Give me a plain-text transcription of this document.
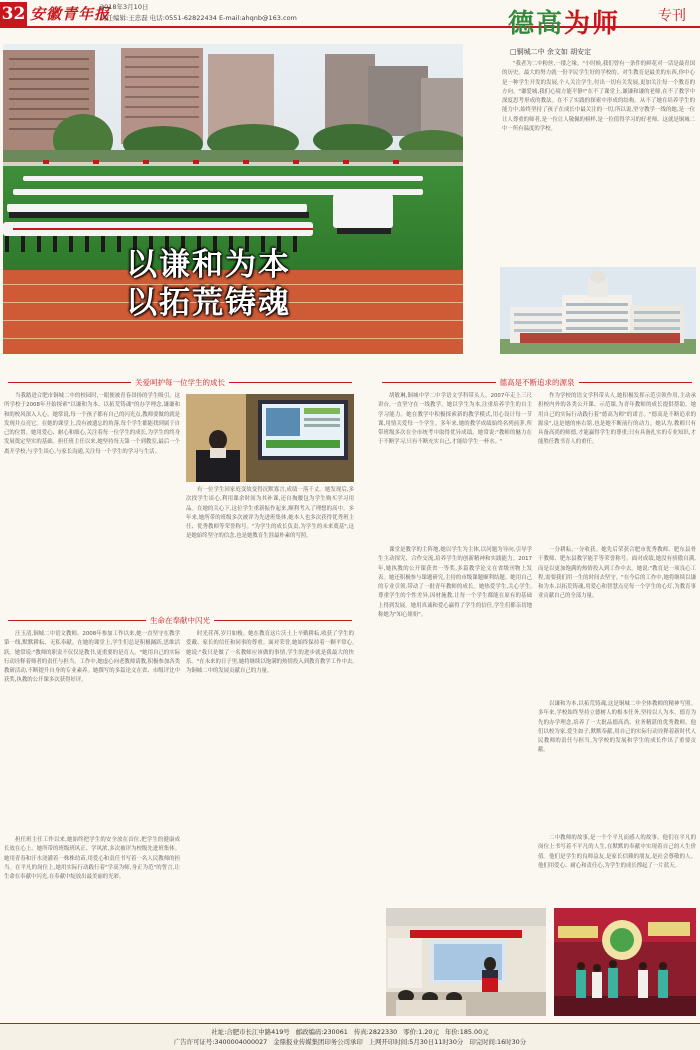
32 安徽青年报
2018年3月10日
责任编辑:王忠磊 电话:0551-62822434 E-mail:ahqnb@163.com	德高为师	专刊
□铜城二中 余文如 胡安定
以谦和为本
以拓荒铸魂
"我者为二中粉丝,一缕之缘。"小时候,我们曾有一条件的鲜花对一话是最青国的历史。最大的努力就一份平民学生好的学校的。对生教育是最美的东西,你中心是一种学生开发的发展,个人关注学生,付出一切有关发展,更加关注每一个教育的方向。"谦爱城,我们心境方能平静!"在不了课堂上,谦谦和谦的老师,在不了教学中深度思考形成的教法。在不了实践的探索中形成的结构。从不了她在培养学生的能力中,始终坚持了孩子在成长中最关注的一切,所以说,坚守教学一线的她,是一位让人尊重的师者,是一位让人敬佩的榜样,是一位值得学习的好老师。这就是铜城二中一所有温度的学校。
关爱呵护每一位学生的成长	德高是不断追求的源泉
当我踏进合肥市铜城二中的校园时,一眼便被青春昂扬的学生吸引。这所学校于2008年开始探索"以谦和为本、以拓荒铸魂"的办学理念,谦谦和和的校风深入人心。她常说,每一个孩子都有自己的闪光点,教师要做的就是发现并点亮它。在她的课堂上,没有被遗忘的角落,每个学生都能找到属于自己的位置。她用爱心、耐心和细心,关注着每一位学生的成长,为学生的终身发展奠定坚实的基础。担任班主任以来,她坚持每天第一个到教室,最后一个离开学校,与学生谈心,与家长沟通,关注每一个学生的学习与生活。
有一位学生因家庭变故变得沉默寡言,成绩一落千丈。她发现后,多次找学生谈心,利用课余时间为其补课,还自掏腰包为学生购买学习用品。在她的关心下,这位学生重新振作起来,顺利考入了理想的高中。多年来,她所带的班级多次被评为先进班集体,她本人也多次获得优秀班主任、优秀教师等荣誉称号。"为学生的成长负责,为学生的未来奠基",这是她始终坚守的信念,也是她教育生涯最朴素的写照。
生命在奉献中闪光
汪玉清,铜城二中语文教师。2008年参加工作以来,她一直坚守在教学第一线,默默耕耘、无私奉献。在她的课堂上,学生们总是积极踊跃,思维活跃。她常说:"教师的职责不仅仅是教书,更重要的是育人。"她用自己的实际行动诠释着师者的责任与担当。工作中,她虚心向老教师请教,积极参加各类教研活动,不断提升自身的专业素养。她撰写的多篇论文在省、市级评比中获奖,执教的公开课多次获得好评。
担任班主任工作以来,她始终把学生的安全放在首位,把学生的健康成长放在心上。她所带的班级班风正、学风浓,多次被评为校级先进班集体。她用青春和汗水浇灌着一株株幼苗,用爱心和责任书写着一名人民教师的担当。在平凡的岗位上,她用实际行动践行着"学高为师,身正为范"的誓言,让生命在奉献中闪光,在奉献中绽放出最美丽的光彩。
时光荏苒,岁月如梭。她在教育这片沃土上辛勤耕耘,收获了学生的爱戴、家长的信任和同事的尊重。面对荣誉,她始终保持着一颗平常心,她说:"我只是做了一名教师应该做的事情,学生的进步就是我最大的快乐。"在未来的日子里,她将继续以饱满的热情投入到教育教学工作中去,为铜城二中的发展贡献自己的力量。
胡敏琳,铜城中学二中学语文学科带头人。2007年走上三尺讲台,一直坚守在一线教学。她以学生为本,注重培养学生的自主学习能力。她在教学中积极探索新的教学模式,用心设计每一节课,用情关爱每一个学生。多年来,她的教学成绩始终名列前茅,所带班级多次在全市统考中取得优异成绩。她常说:"教师的魅力在于不断学习,只有不断充实自己,才能给学生一杯水。"
课堂是教学的主阵地,她以学生为主体,以问题为导向,引导学生主动探究、合作交流,培养学生的创新精神和实践能力。2017年,她执教的公开课获省一等奖,多篇教学论文在省级刊物上发表。她还积极参与课题研究,主持的市级课题顺利结题。她用自己的专业引领,带动了一批青年教师的成长。她热爱学生,关心学生,尊重学生的个性差异,因材施教,让每一个学生都能在原有的基础上得到发展。她用真诚和爱心赢得了学生的信任,学生们都亲切地称她为"知心姐姐"。
作为学校的语文学科带头人,她积极发挥示范引领作用,主动承担校内外的各类公开课、示范课,为青年教师的成长提供帮助。她用自己的实际行动践行着"德高为师"的诺言。"德高是不断追求的源泉",这是她的座右铭,也是她不断前行的动力。她认为,教师只有具备高尚的师德,才能赢得学生的尊重;只有具备扎实的专业知识,才能胜任教书育人的重任。
一分耕耘,一分收获。她先后荣获合肥市优秀教师、肥东县骨干教师、肥东县教学能手等荣誉称号。面对成绩,她没有骄傲自满,而是以更加饱满的热情投入到工作中去。她说:"教育是一项良心工程,需要我们用一生的时间去坚守。"在今后的工作中,她将继续以谦和为本,以拓荒铸魂,用爱心和智慧点亮每一个学生的心灯,为教育事业贡献自己的全部力量。
以谦和为本,以拓荒铸魂,这是铜城二中全体教师的精神写照。多年来,学校始终坚持立德树人的根本任务,坚持以人为本、德育为先的办学理念,培养了一大批品德高尚、业务精湛的优秀教师。他们以校为家,爱生如子,默默奉献,用自己的实际行动诠释着新时代人民教师的责任与担当,为学校的发展和学生的成长作出了重要贡献。
二中教师的故事,是一个个平凡而感人的故事。他们在平凡的岗位上书写着不平凡的人生,在默默的奉献中实现着自己的人生价值。他们是学生的良师益友,是家长信赖的朋友,是社会尊敬的人。他们用爱心、耐心和责任心,为学生的成长撑起了一片蓝天。
社址:合肥市长江中路419号 邮政编码:230061 传真:2822330 零价:1.20元 年价:185.00元
广告许可证号:3400004000027 金鼎报业传媒集团印务公司承印 上网开印时间:5月30日11时30分 印完时间:16时30分
